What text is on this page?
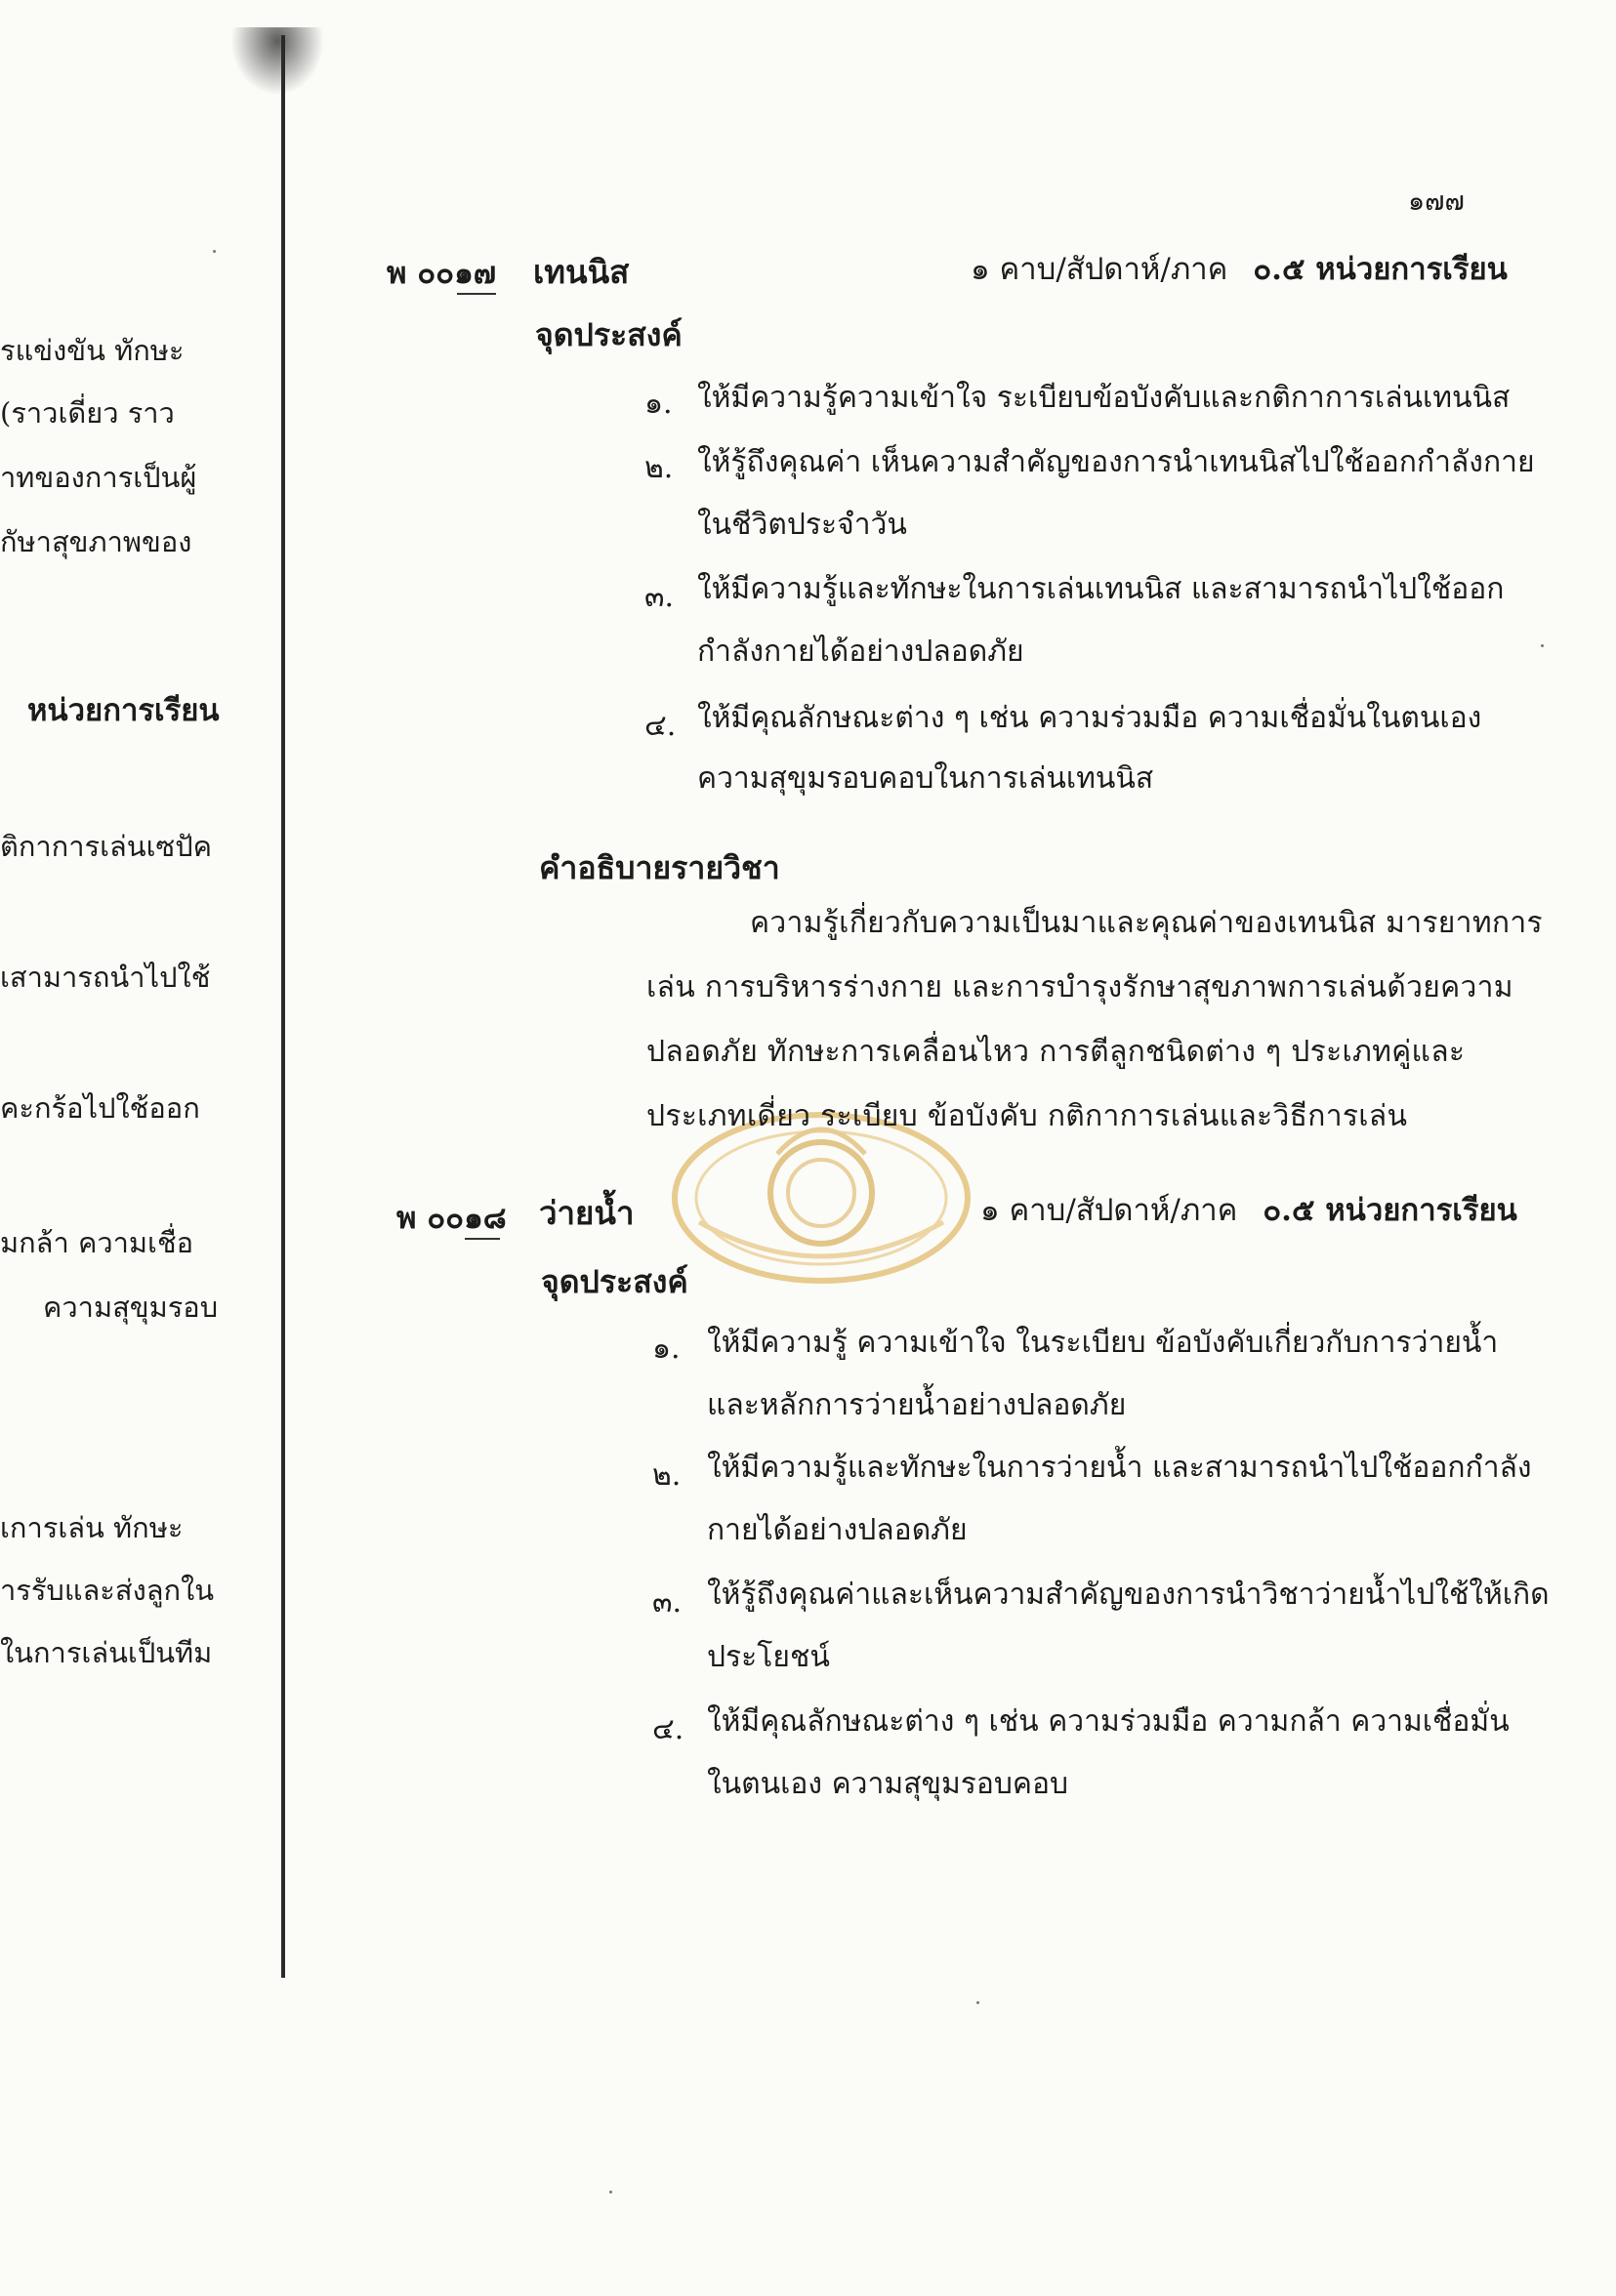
๑๗๗
รแข่งขัน ทักษะ
(ราวเดี่ยว ราว
าทของการเป็นผู้
กัษาสุขภาพของ
หน่วยการเรียน
ติกาการเล่นเซปัค
เสามารถนำไปใช้
คะกร้อไปใช้ออก
มกล้า ความเชื่อ
ความสุขุมรอบ
เการเล่น ทักษะ
ารรับและส่งลูกใน
ในการเล่นเป็นทีม
พ ๐๐๑๗ เทนนิส	๑ คาบ/สัปดาห์/ภาค ๐.๕ หน่วยการเรียน
จุดประสงค์
๑. ให้มีความรู้ความเข้าใจ ระเบียบข้อบังคับและกติกาการเล่นเทนนิส
๒. ให้รู้ถึงคุณค่า เห็นความสำคัญของการนำเทนนิสไปใช้ออกกำลังกาย
ในชีวิตประจำวัน
๓. ให้มีความรู้และทักษะในการเล่นเทนนิส และสามารถนำไปใช้ออก
กำลังกายได้อย่างปลอดภัย
๔. ให้มีคุณลักษณะต่าง ๆ เช่น ความร่วมมือ ความเชื่อมั่นในตนเอง
ความสุขุมรอบคอบในการเล่นเทนนิส
คำอธิบายรายวิชา
ความรู้เกี่ยวกับความเป็นมาและคุณค่าของเทนนิส มารยาทการ
เล่น การบริหารร่างกาย และการบำรุงรักษาสุขภาพการเล่นด้วยความ
ปลอดภัย ทักษะการเคลื่อนไหว การตีลูกชนิดต่าง ๆ ประเภทคู่และ
ประเภทเดี่ยว ระเบียบ ข้อบังคับ กติกาการเล่นและวิธีการเล่น
พ ๐๐๑๘ ว่ายน้ำ	๑ คาบ/สัปดาห์/ภาค ๐.๕ หน่วยการเรียน
จุดประสงค์
๑. ให้มีความรู้ ความเข้าใจ ในระเบียบ ข้อบังคับเกี่ยวกับการว่ายน้ำ
และหลักการว่ายน้ำอย่างปลอดภัย
๒. ให้มีความรู้และทักษะในการว่ายน้ำ และสามารถนำไปใช้ออกกำลัง
กายได้อย่างปลอดภัย
๓. ให้รู้ถึงคุณค่าและเห็นความสำคัญของการนำวิชาว่ายน้ำไปใช้ให้เกิด
ประโยชน์
๔. ให้มีคุณลักษณะต่าง ๆ เช่น ความร่วมมือ ความกล้า ความเชื่อมั่น
ในตนเอง ความสุขุมรอบคอบ
